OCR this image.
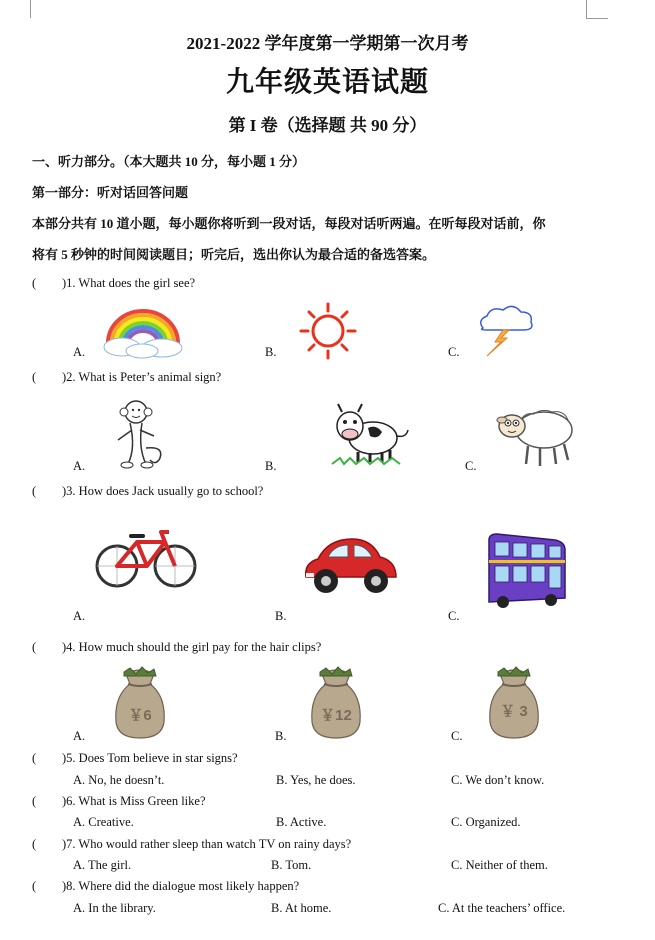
2021-2022 学年度第一学期第一次月考
九年级英语试题
第 I 卷（选择题 共 90 分）
一、听力部分。（本大题共 10 分，每小题 1 分）
第一部分：听对话回答问题
本部分共有 10 道小题，每小题你将听到一段对话，每段对话听两遍。在听每段对话前，你
将有 5 秒钟的时间阅读题目；听完后，选出你认为最合适的备选答案。
( )1. What does the girl see?
A.	B.	C.
( )2. What is Peter’s animal sign?
A.	B.	C.
( )3. How does Jack usually go to school?
A.	B.	C.
( )4. How much should the girl pay for the hair clips?
￥6	￥12	￥ 3
A.	B.	C.
( )5. Does Tom believe in star signs?
A. No, he doesn’t.	B. Yes, he does.	C. We don’t know.
( )6. What is Miss Green like?
A. Creative.	B. Active.	C. Organized.
( )7. Who would rather sleep than watch TV on rainy days?
A. The girl.	B. Tom.	C. Neither of them.
( )8. Where did the dialogue most likely happen?
A. In the library.	B. At home.	C. At the teachers’ office.
